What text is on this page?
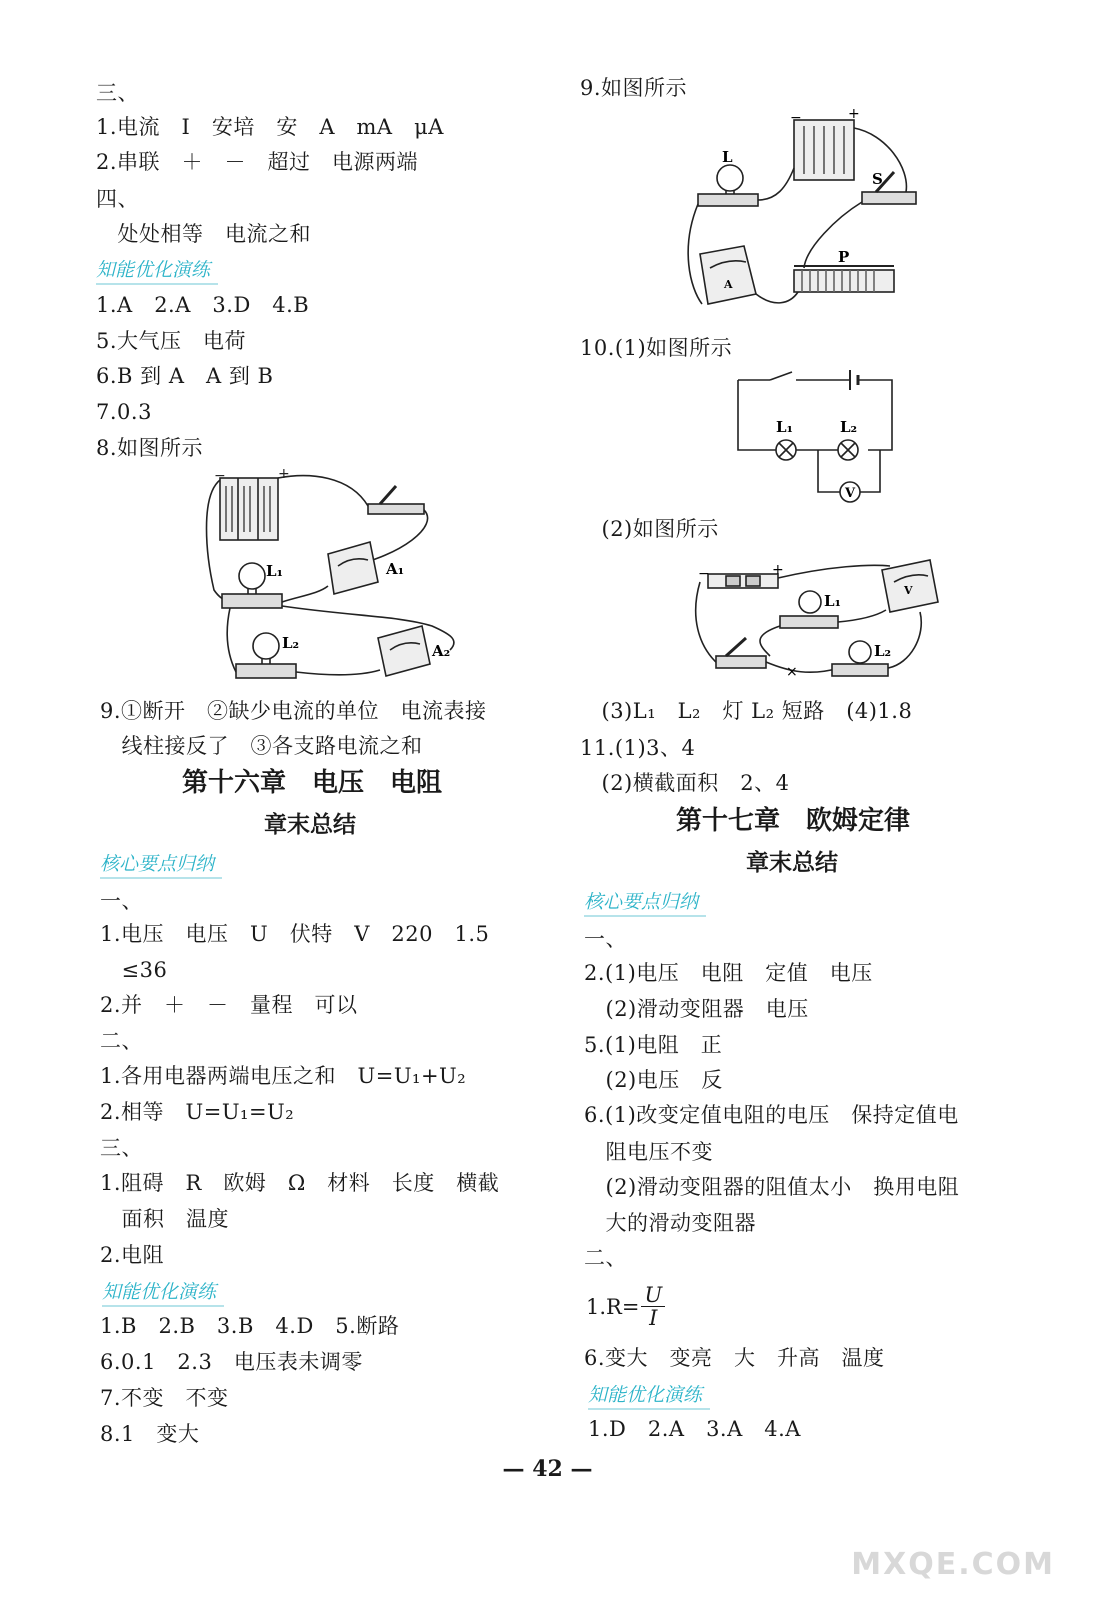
三、
1.电流　I　安培　安　A　mA　μA
2.串联　＋　－　超过　电源两端
四、
　处处相等　电流之和
知能优化演练
1.A　2.A　3.D　4.B
5.大气压　电荷
6.B 到 A　A 到 B
7.0.3
8.如图所示
−	+
L₁	A₁
L₂	A₂
9.①断开　②缺少电流的单位　电流表接
　线柱接反了　③各支路电流之和
第十六章　电压　电阻
章末总结
核心要点归纳
一、
1.电压　电压　U　伏特　V　220　1.5
　≤36
2.并　＋　－　量程　可以
二、
1.各用电器两端电压之和　U=U₁+U₂
2.相等　U=U₁=U₂
三、
1.阻碍　R　欧姆　Ω　材料　长度　横截
　面积　温度
2.电阻
知能优化演练
1.B　2.B　3.B　4.D　5.断路
6.0.1　2.3　电压表未调零
7.不变　不变
8.1　变大
9.如图所示
−	+
L
S
P
A
10.(1)如图所示
L₁	L₂
V
　(2)如图所示
×
−	+
L₁
L₂
V
　(3)L₁　L₂　灯 L₂ 短路　(4)1.8
11.(1)3、4
　(2)横截面积　2、4
第十七章　欧姆定律
章末总结
核心要点归纳
一、
2.(1)电压　电阻　定值　电压
　(2)滑动变阻器　电压
5.(1)电阻　正
　(2)电压　反
6.(1)改变定值电阻的电压　保持定值电
　阻电压不变
　(2)滑动变阻器的阻值太小　换用电阻
　大的滑动变阻器
二、
$1.R= \frac{U}{I}$
6.变大　变亮　大　升高　温度
知能优化演练
1.D　2.A　3.A　4.A
— 42 —
MXQE.COM
